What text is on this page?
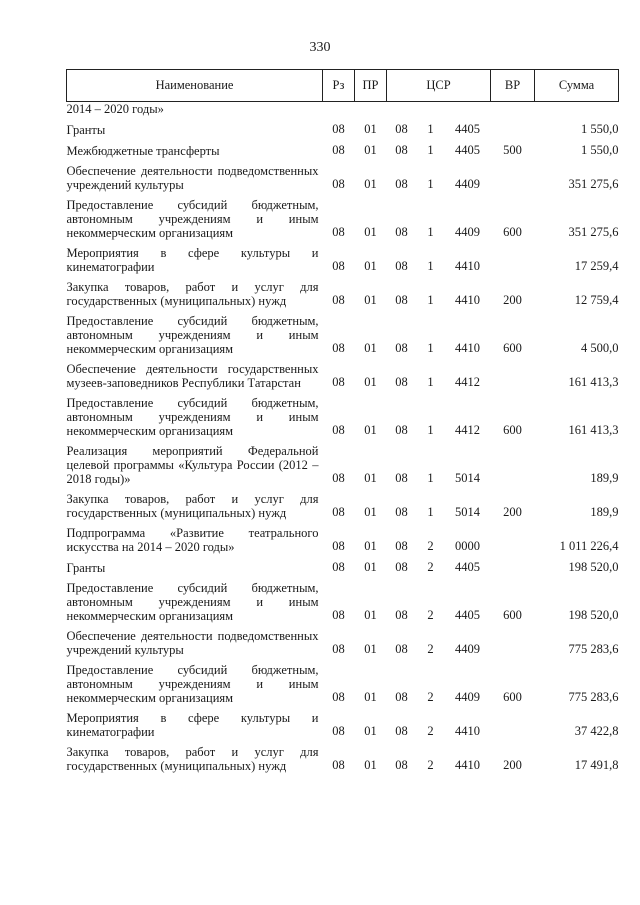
330
Наименование	Рз	ПР	ЦСР			ВР	Сумма
2014 – 2020 годы»							
Гранты	08	01	08	1	4405		1 550,0
Межбюджетные трансферты	08	01	08	1	4405	500	1 550,0
Обеспечение деятельности подведомственных учреждений культуры	08	01	08	1	4409		351 275,6
Предоставление субсидий бюджетным, автономным учреждениям и иным некоммерческим организациям	08	01	08	1	4409	600	351 275,6
Мероприятия в сфере культуры и кинематографии	08	01	08	1	4410		17 259,4
Закупка товаров, работ и услуг для государственных (муниципальных) нужд	08	01	08	1	4410	200	12 759,4
Предоставление субсидий бюджетным, автономным учреждениям и иным некоммерческим организациям	08	01	08	1	4410	600	4 500,0
Обеспечение деятельности государственных музеев-заповедников Республики Татарстан	08	01	08	1	4412		161 413,3
Предоставление субсидий бюджетным, автономным учреждениям и иным некоммерческим организациям	08	01	08	1	4412	600	161 413,3
Реализация мероприятий Федеральной целевой программы «Культура России (2012 – 2018 годы)»	08	01	08	1	5014		189,9
Закупка товаров, работ и услуг для государственных (муниципальных) нужд	08	01	08	1	5014	200	189,9
Подпрограмма «Развитие театрального искусства на 2014 – 2020 годы»	08	01	08	2	0000		1 011 226,4
Гранты	08	01	08	2	4405		198 520,0
Предоставление субсидий бюджетным, автономным учреждениям и иным некоммерческим организациям	08	01	08	2	4405	600	198 520,0
Обеспечение деятельности подведомственных учреждений культуры	08	01	08	2	4409		775 283,6
Предоставление субсидий бюджетным, автономным учреждениям и иным некоммерческим организациям	08	01	08	2	4409	600	775 283,6
Мероприятия в сфере культуры и кинематографии	08	01	08	2	4410		37 422,8
Закупка товаров, работ и услуг для государственных (муниципальных) нужд	08	01	08	2	4410	200	17 491,8
